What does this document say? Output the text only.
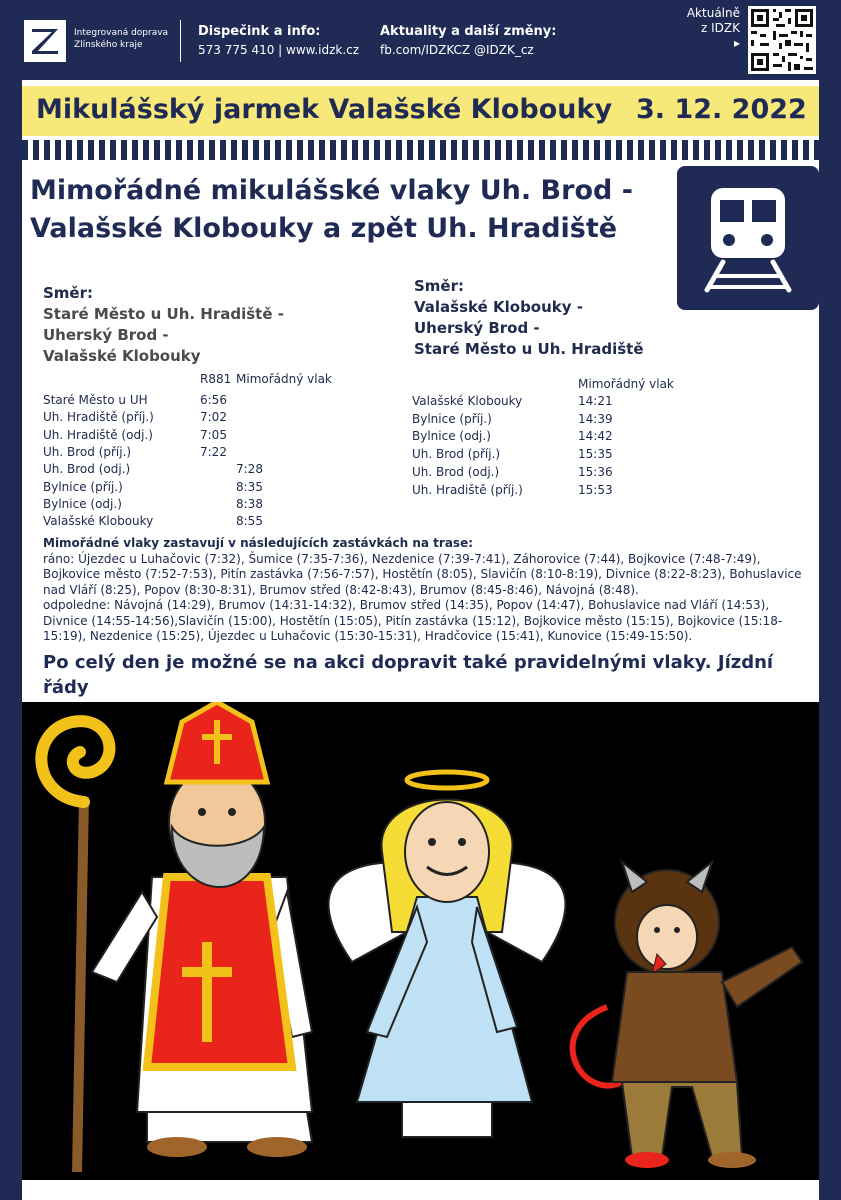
Integrovaná doprava
Zlínského kraje
Dispečink a info:
573 775 410 | www.idzk.cz
Aktuality a další změny:
fb.com/IDZKCZ @IDZK_cz
Aktuálně
z IDZK
▸
Mikulášský jarmek Valašské Klobouky 3. 12. 2022
Mimořádné mikulášské vlaky Uh. Brod -
Valašské Klobouky a zpět Uh. Hradiště
Směr:
Staré Město u Uh. Hradiště -
Uherský Brod -
Valašské Klobouky
R881 Mimořádný vlak
Staré Město u UH	6:56
Uh. Hradiště (příj.)	7:02
Uh. Hradiště (odj.)	7:05
Uh. Brod (příj.)	7:22
Uh. Brod (odj.)	7:28
Bylnice (příj.)	8:35
Bylnice (odj.)	8:38
Valašské Klobouky	8:55
Směr:
Valašské Klobouky -
Uherský Brod -
Staré Město u Uh. Hradiště
Mimořádný vlak
Valašské Klobouky	14:21
Bylnice (příj.)	14:39
Bylnice (odj.)	14:42
Uh. Brod (příj.)	15:35
Uh. Brod (odj.)	15:36
Uh. Hradiště (příj.)	15:53

Mimořádné vlaky zastavují v následujících zastávkách na trase:

ráno: Újezdec u Luhačovic (7:32), Šumice (7:35-7:36), Nezdenice (7:39-7:41), Záhorovice (7:44), Bojkovice (7:48-7:49), Bojkovice město (7:52-7:53), Pitín zastávka (7:56-7:57), Hostětín (8:05), Slavičín (8:10-8:19), Divnice (8:22-8:23), Bohuslavice nad Vláří (8:25), Popov (8:30-8:31), Brumov střed (8:42-8:43), Brumov (8:45-8:46), Návojná (8:48).

odpoledne: Návojná (14:29), Brumov (14:31-14:32), Brumov střed (14:35), Popov (14:47), Bohuslavice nad Vláří (14:53), Divnice (14:55-14:56),Slavičín (15:00), Hostětín (15:05), Pitín zastávka (15:12), Bojkovice město (15:15), Bojkovice (15:18-15:19), Nezdenice (15:25), Újezdec u Luhačovic (15:30-15:31), Hradčovice (15:41), Kunovice (15:49-15:50).

Po celý den je možné se na akci dopravit také pravidelnými vlaky. Jízdní řády
